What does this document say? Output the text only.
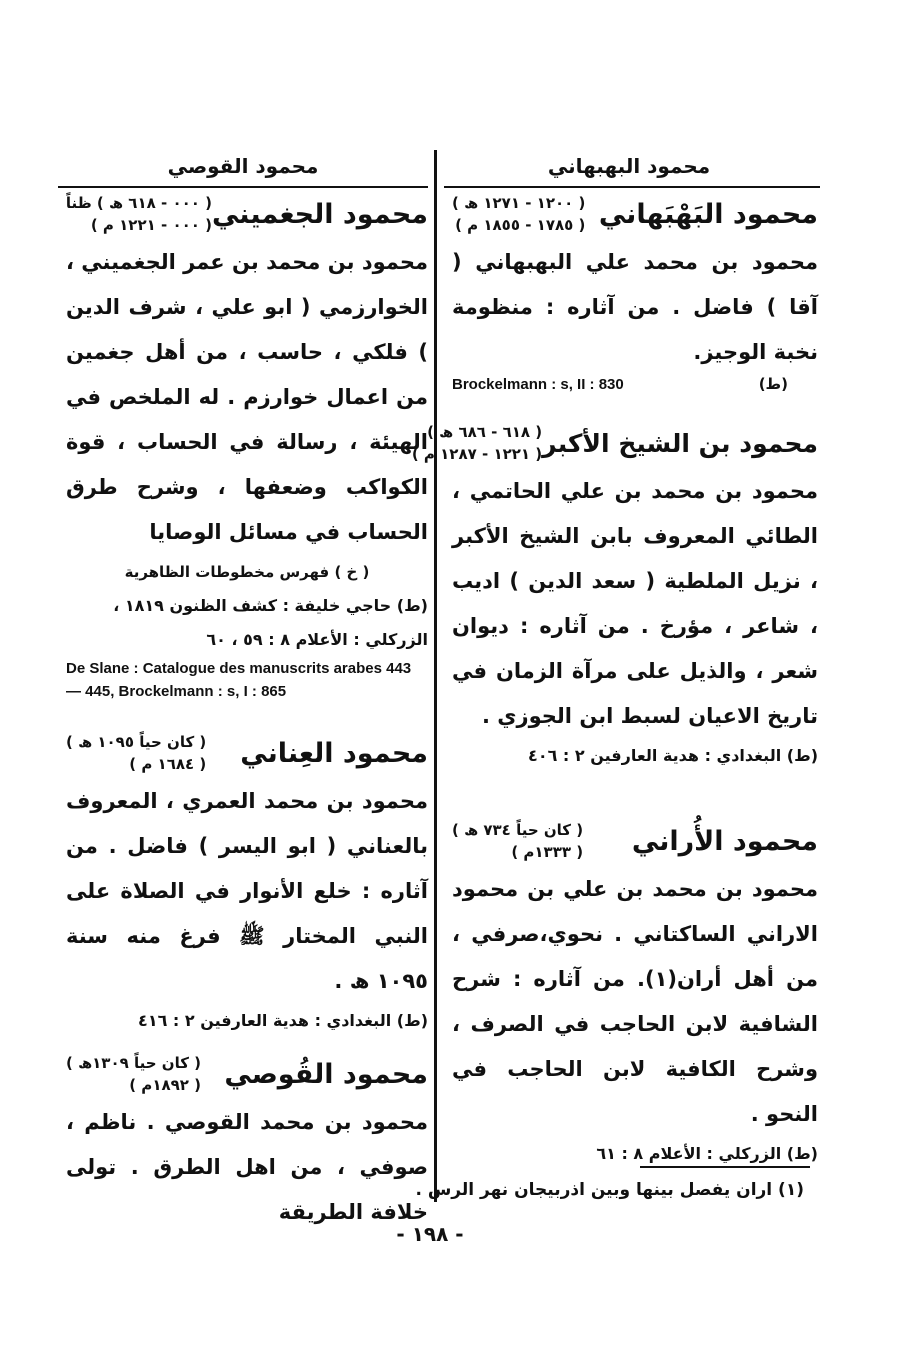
محمود البهبهاني
محمود القوصي
محمود البَهْبَهاني
( ١٢٠٠ - ١٢٧١ ھ )
( ١٧٨٥ - ١٨٥٥ م )

محمود بن محمد علي البهبهاني ( آقا ) فاضل . من آثاره : منظومة نخبة الوجيز.

Brockelmann : s, II : 830	(ط)
محمود بن الشيخ الأكبر
( ٦١٨ - ٦٨٦ ھ )
( ١٢٢١ - ١٢٨٧ م )

محمود بن محمد بن علي الحاتمي ، الطائي المعروف بابن الشيخ الأكبر ، نزيل الملطية ( سعد الدين ) اديب ، شاعر ، مؤرخ . من آثاره : ديوان شعر ، والذيل على مرآة الزمان في تاريخ الاعيان لسبط ابن الجوزي .

(ط) البغدادي : هدية العارفين ٢ : ٤٠٦

محمود الأُراني
( كان حياً ٧٣٤ ھ )
( ١٣٣٣م )

محمود بن محمد بن علي بن محمود الاراني الساكتاني . نحوي،صرفي ، من أهل أران(١). من آثاره : شرح الشافية لابن الحاجب في الصرف ، وشرح الكافية لابن الحاجب في النحو .

(ط) الزركلي : الأعلام ٨ : ٦١

محمود الجغميني
( ٠٠٠ - ٦١٨ ھ ) ظناً
( ٠٠٠ - ١٢٢١ م )

محمود بن محمد بن عمر الجغميني ، الخوارزمي ( ابو علي ، شرف الدين ) فلكي ، حاسب ، من أهل جغمين من اعمال خوارزم . له الملخص في الهيئة ، رسالة في الحساب ، قوة الكواكب وضعفها ، وشرح طرق الحساب في مسائل الوصايا

( خ ) فهرس مخطوطات الظاهرية

(ط) حاجي خليفة : كشف الظنون ١٨١٩ ،

الزركلي : الأعلام ٨ : ٥٩ ، ٦٠

De Slane : Catalogue des manuscrits arabes 443 — 445, Brockelmann : s, I : 865

محمود العِناني
( كان حياً ١٠٩٥ ھ )
( ١٦٨٤ م )

محمود بن محمد العمري ، المعروف بالعناني ( ابو اليسر ) فاضل . من آثاره : خلع الأنوار في الصلاة على النبي المختار ﷺ فرغ منه سنة ١٠٩٥ ھ .

(ط) البغدادي : هدية العارفين ٢ : ٤١٦

محمود القُوصي
( كان حياً ١٣٠٩ھ )
( ١٨٩٢م )

محمود بن محمد القوصي . ناظم ، صوفي ، من اهل الطرق . تولى خلافة الطريقة

(١) اران يفصل بينها وبين اذربيجان نهر الرس .
- ١٩٨ -
